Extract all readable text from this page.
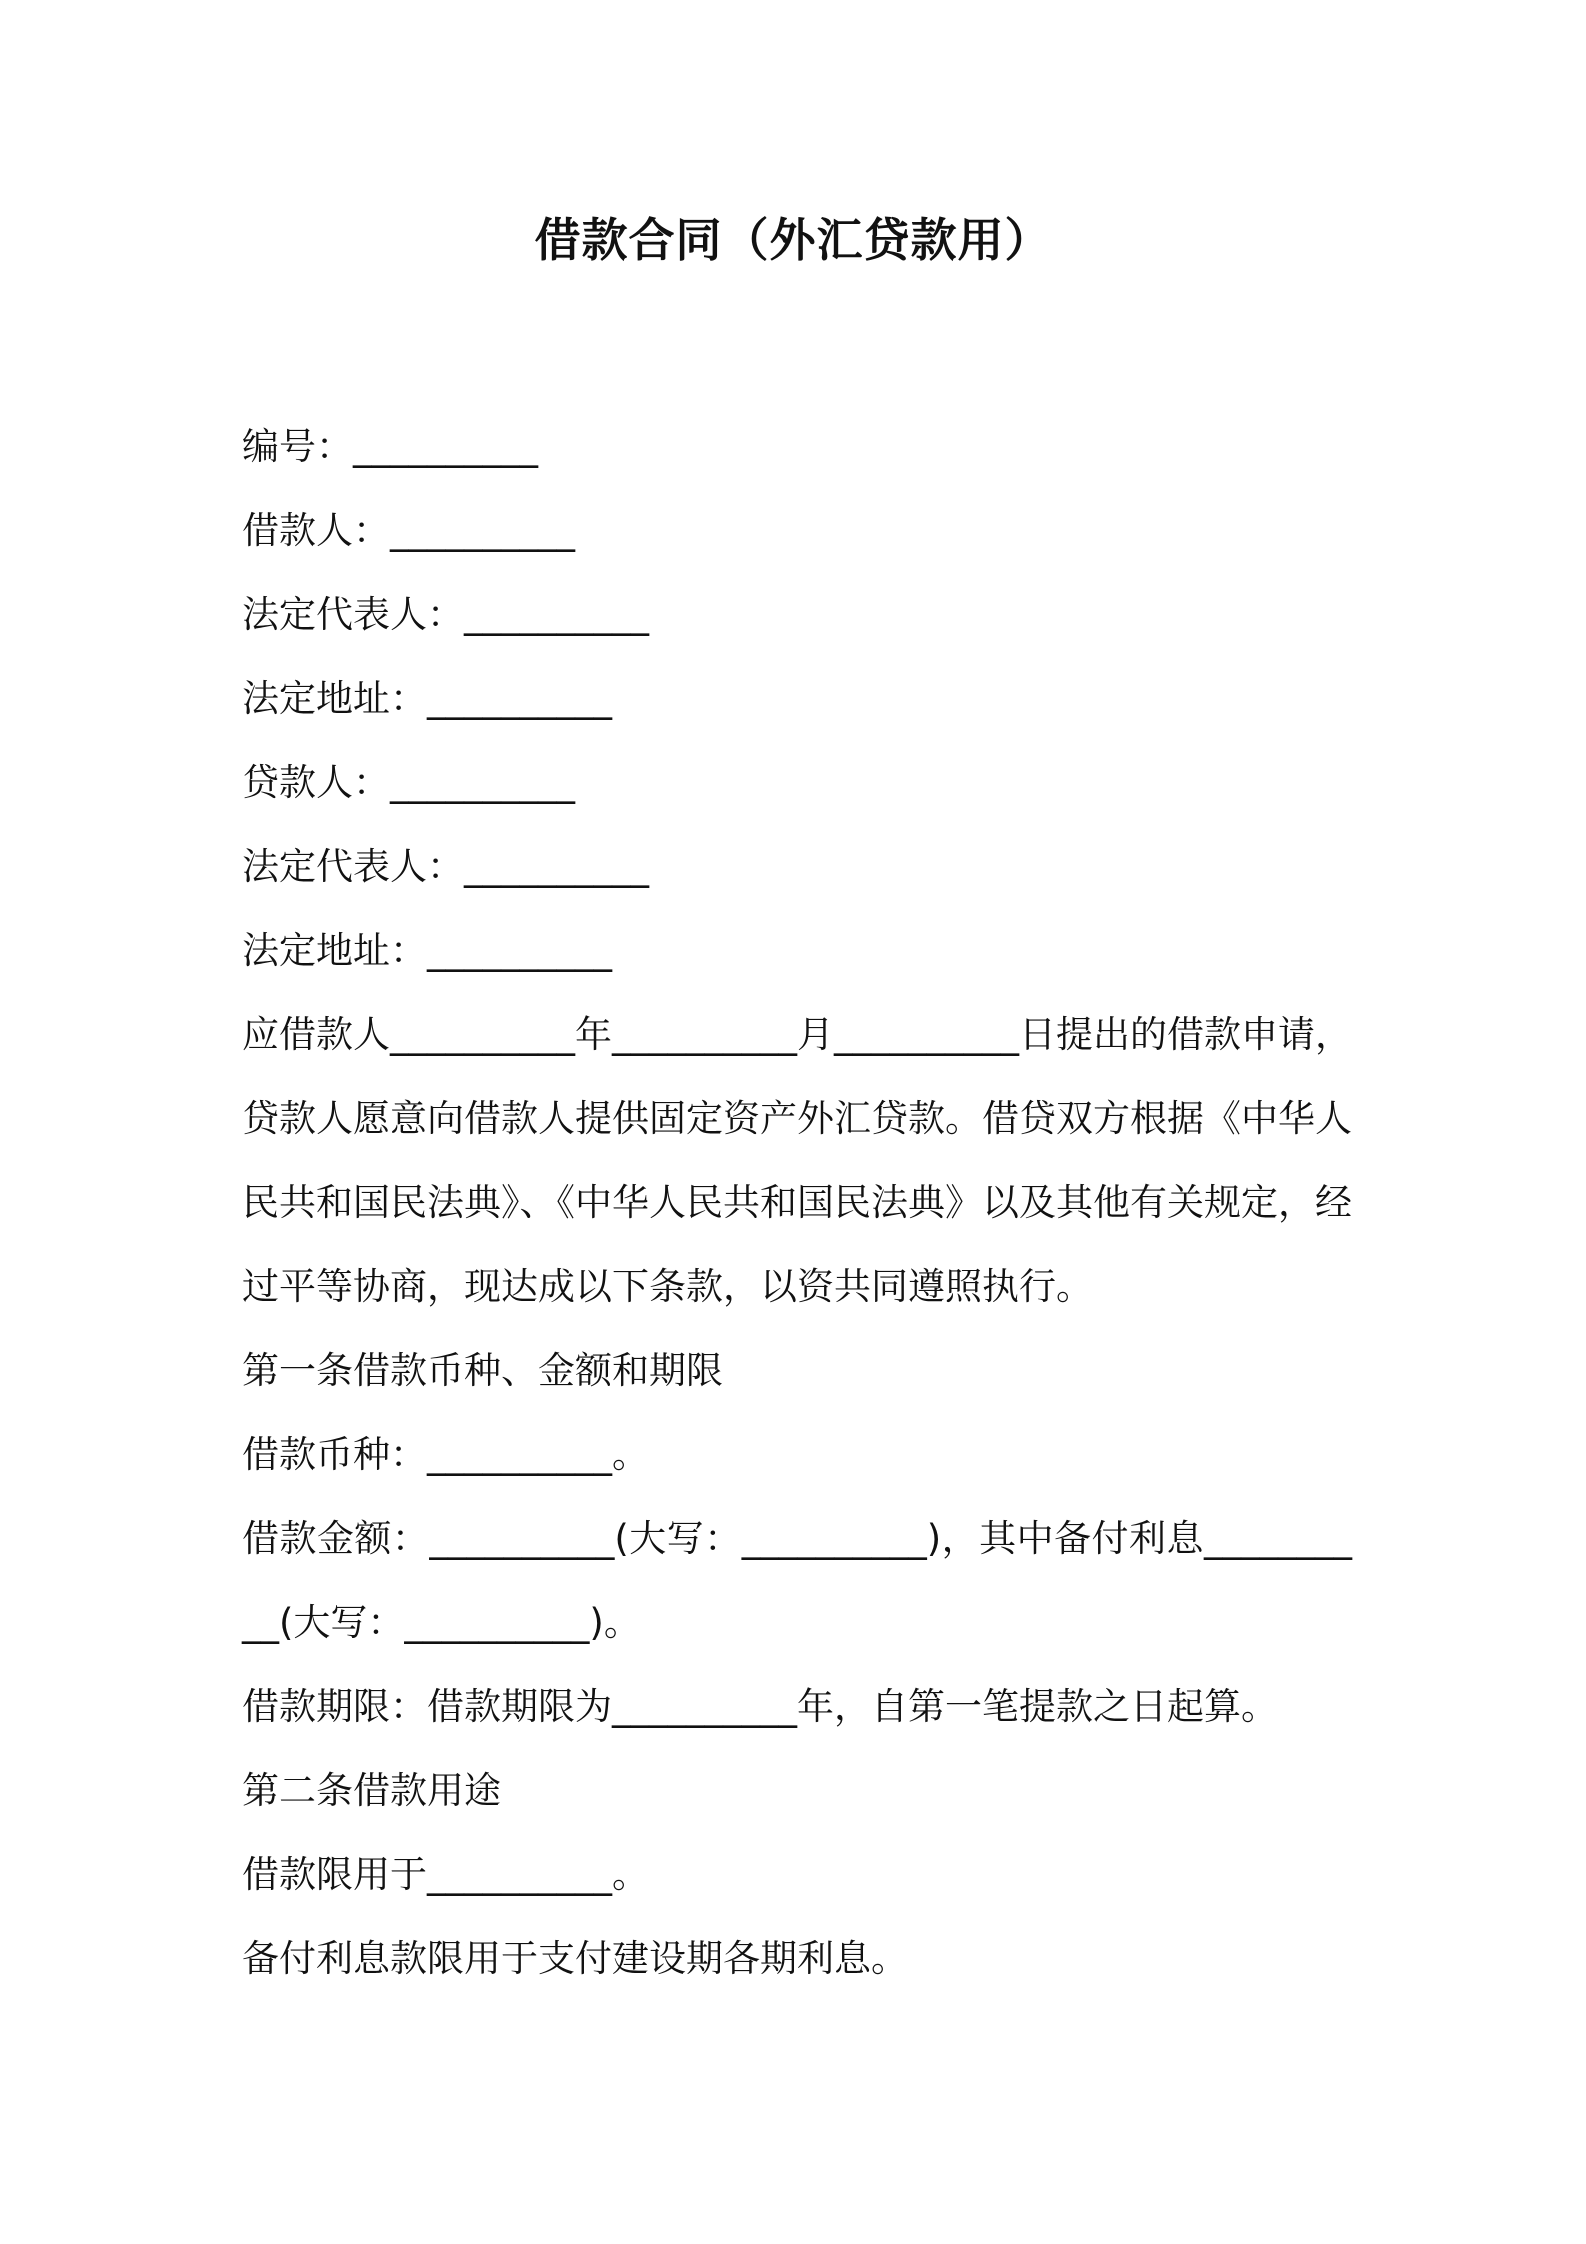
借款合同（外汇贷款用）
编号：__________
借款人：__________
法定代表人：__________
法定地址：__________
贷款人：__________
法定代表人：__________
法定地址：__________
应借款人__________年__________月__________日提出的借款申请，贷款人愿意向借款人提供固定资产外汇贷款。借贷双方根据《中华人民共和国民法典》、《中华人民共和国民法典》以及其他有关规定，经过平等协商，现达成以下条款，以资共同遵照执行。
第一条借款币种、金额和期限
借款币种：__________。
借款金额：__________(大写：__________)，其中备付利息__________(大写：__________)。
借款期限：借款期限为__________年，自第一笔提款之日起算。
第二条借款用途
借款限用于__________。
备付利息款限用于支付建设期各期利息。
